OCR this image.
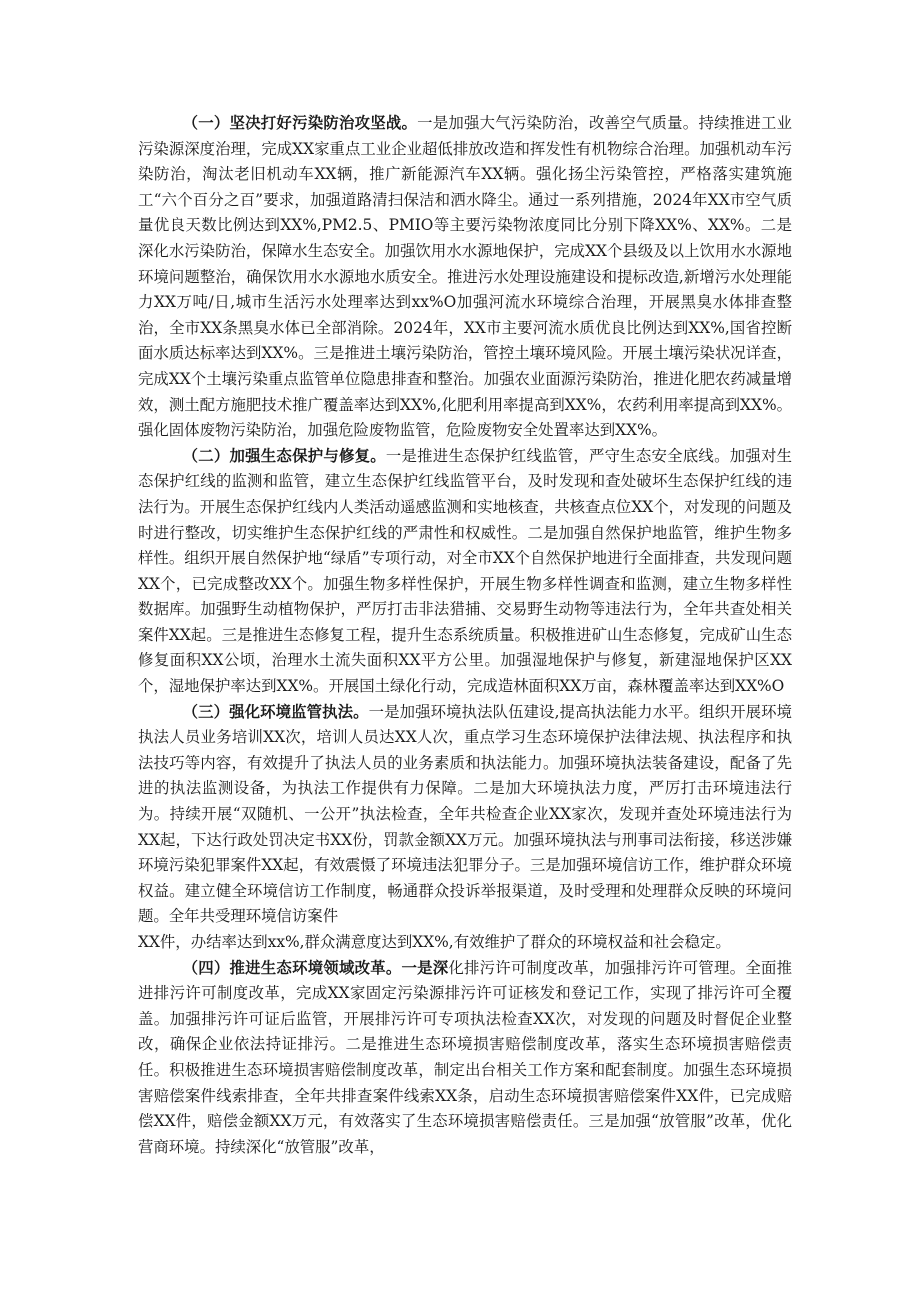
（一）坚决打好污染防治攻坚战。一是加强大气污染防治，改善空气质量。持续推进工业污染源深度治理，完成XX家重点工业企业超低排放改造和挥发性有机物综合治理。加强机动车污染防治，淘汰老旧机动车XX辆，推广新能源汽车XX辆。强化扬尘污染管控，严格落实建筑施工“六个百分之百”要求，加强道路清扫保洁和洒水降尘。通过一系列措施，2024年XX市空气质量优良天数比例达到XX%,PM2.5、PMIO等主要污染物浓度同比分别下降XX%、XX%。二是深化水污染防治，保障水生态安全。加强饮用水水源地保护，完成XX个县级及以上饮用水水源地环境问题整治，确保饮用水水源地水质安全。推进污水处理设施建设和提标改造,新增污水处理能力XX万吨/日,城市生活污水处理率达到xx%O加强河流水环境综合治理，开展黑臭水体排查整治，全市XX条黑臭水体已全部消除。2024年，XX市主要河流水质优良比例达到XX%,国省控断面水质达标率达到XX%。三是推进土壤污染防治，管控土壤环境风险。开展土壤污染状况详查，完成XX个土壤污染重点监管单位隐患排查和整治。加强农业面源污染防治，推进化肥农药减量增效，测土配方施肥技术推广覆盖率达到XX%,化肥利用率提高到XX%，农药利用率提高到XX%。强化固体废物污染防治，加强危险废物监管，危险废物安全处置率达到XX%。

（二）加强生态保护与修复。一是推进生态保护红线监管，严守生态安全底线。加强对生态保护红线的监测和监管，建立生态保护红线监管平台，及时发现和查处破坏生态保护红线的违法行为。开展生态保护红线内人类活动遥感监测和实地核查，共核查点位XX个，对发现的问题及时进行整改，切实维护生态保护红线的严肃性和权威性。二是加强自然保护地监管，维护生物多样性。组织开展自然保护地“绿盾”专项行动，对全市XX个自然保护地进行全面排查，共发现问题XX个，已完成整改XX个。加强生物多样性保护，开展生物多样性调查和监测，建立生物多样性数据库。加强野生动植物保护，严厉打击非法猎捕、交易野生动物等违法行为，全年共查处相关案件XX起。三是推进生态修复工程，提升生态系统质量。积极推进矿山生态修复，完成矿山生态修复面积XX公顷，治理水土流失面积XX平方公里。加强湿地保护与修复，新建湿地保护区XX个，湿地保护率达到XX%。开展国土绿化行动，完成造林面积XX万亩，森林覆盖率达到XX%O

（三）强化环境监管执法。一是加强环境执法队伍建设,提高执法能力水平。组织开展环境执法人员业务培训XX次，培训人员达XX人次，重点学习生态环境保护法律法规、执法程序和执法技巧等内容，有效提升了执法人员的业务素质和执法能力。加强环境执法装备建设，配备了先进的执法监测设备，为执法工作提供有力保障。二是加大环境执法力度，严厉打击环境违法行为。持续开展“双随机、一公开”执法检查，全年共检查企业XX家次，发现并查处环境违法行为XX起，下达行政处罚决定书XX份，罚款金额XX万元。加强环境执法与刑事司法衔接，移送涉嫌环境污染犯罪案件XX起，有效震慑了环境违法犯罪分子。三是加强环境信访工作，维护群众环境权益。建立健全环境信访工作制度，畅通群众投诉举报渠道，及时受理和处理群众反映的环境问题。全年共受理环境信访案件

XX件，办结率达到xx%,群众满意度达到XX%,有效维护了群众的环境权益和社会稳定。

（四）推进生态环境领域改革。一是深化排污许可制度改革，加强排污许可管理。全面推进排污许可制度改革，完成XX家固定污染源排污许可证核发和登记工作，实现了排污许可全覆盖。加强排污许可证后监管，开展排污许可专项执法检查XX次，对发现的问题及时督促企业整改，确保企业依法持证排污。二是推进生态环境损害赔偿制度改革，落实生态环境损害赔偿责任。积极推进生态环境损害赔偿制度改革，制定出台相关工作方案和配套制度。加强生态环境损害赔偿案件线索排查，全年共排查案件线索XX条，启动生态环境损害赔偿案件XX件，已完成赔偿XX件，赔偿金额XX万元，有效落实了生态环境损害赔偿责任。三是加强“放管服”改革，优化营商环境。持续深化“放管服”改革，
